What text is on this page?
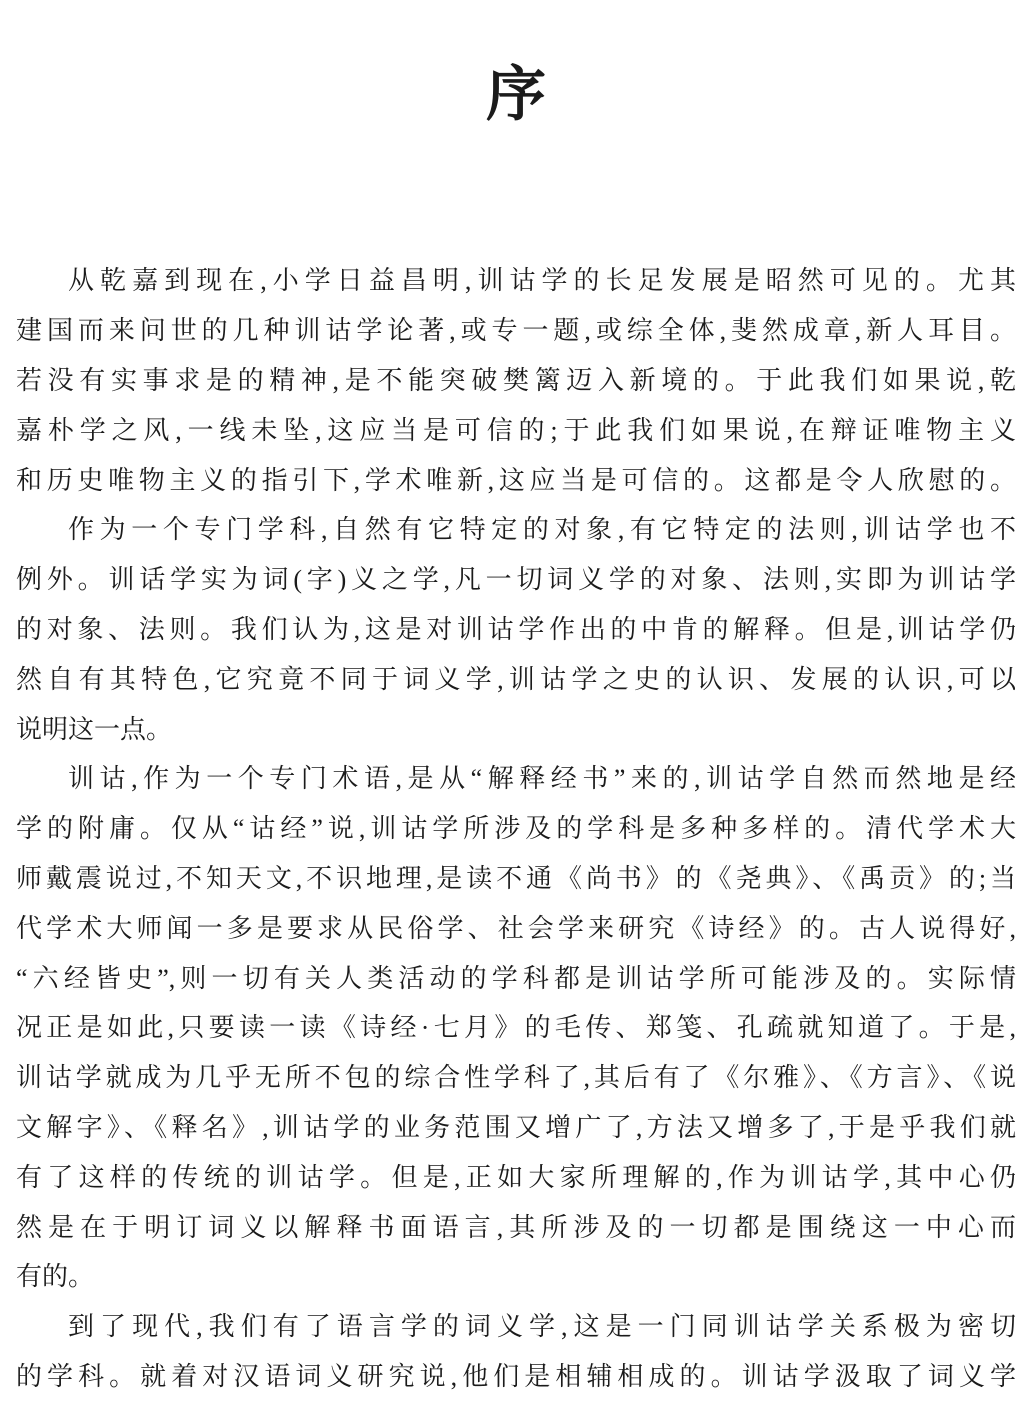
序
从乾嘉到现在,小学日益昌明,训诂学的长足发展是昭然可见的。尤其
建国而来问世的几种训诂学论著,或专一题,或综全体,斐然成章,新人耳目。
若没有实事求是的精神,是不能突破樊篱迈入新境的。于此我们如果说,乾
嘉朴学之风,一线未坠,这应当是可信的;于此我们如果说,在辩证唯物主义
和历史唯物主义的指引下,学术唯新,这应当是可信的。这都是令人欣慰的。
作为一个专门学科,自然有它特定的对象,有它特定的法则,训诂学也不
例外。训话学实为词(字)义之学,凡一切词义学的对象、法则,实即为训诂学
的对象、法则。我们认为,这是对训诂学作出的中肯的解释。但是,训诂学仍
然自有其特色,它究竟不同于词义学,训诂学之史的认识、发展的认识,可以
说明这一点。
训诂,作为一个专门术语,是从“解释经书”来的,训诂学自然而然地是经
学的附庸。仅从“诂经”说,训诂学所涉及的学科是多种多样的。清代学术大
师戴震说过,不知天文,不识地理,是读不通《尚书》的《尧典》、《禹贡》的;当
代学术大师闻一多是要求从民俗学、社会学来研究《诗经》的。古人说得好,
“六经皆史”,则一切有关人类活动的学科都是训诂学所可能涉及的。实际情
况正是如此,只要读一读《诗经·七月》的毛传、郑笺、孔疏就知道了。于是,
训诂学就成为几乎无所不包的综合性学科了,其后有了《尔雅》、《方言》、《说
文解字》、《释名》,训诂学的业务范围又增广了,方法又增多了,于是乎我们就
有了这样的传统的训诂学。但是,正如大家所理解的,作为训诂学,其中心仍
然是在于明订词义以解释书面语言,其所涉及的一切都是围绕这一中心而
有的。
到了现代,我们有了语言学的词义学,这是一门同训诂学关系极为密切
的学科。就着对汉语词义研究说,他们是相辅相成的。训诂学汲取了词义学
